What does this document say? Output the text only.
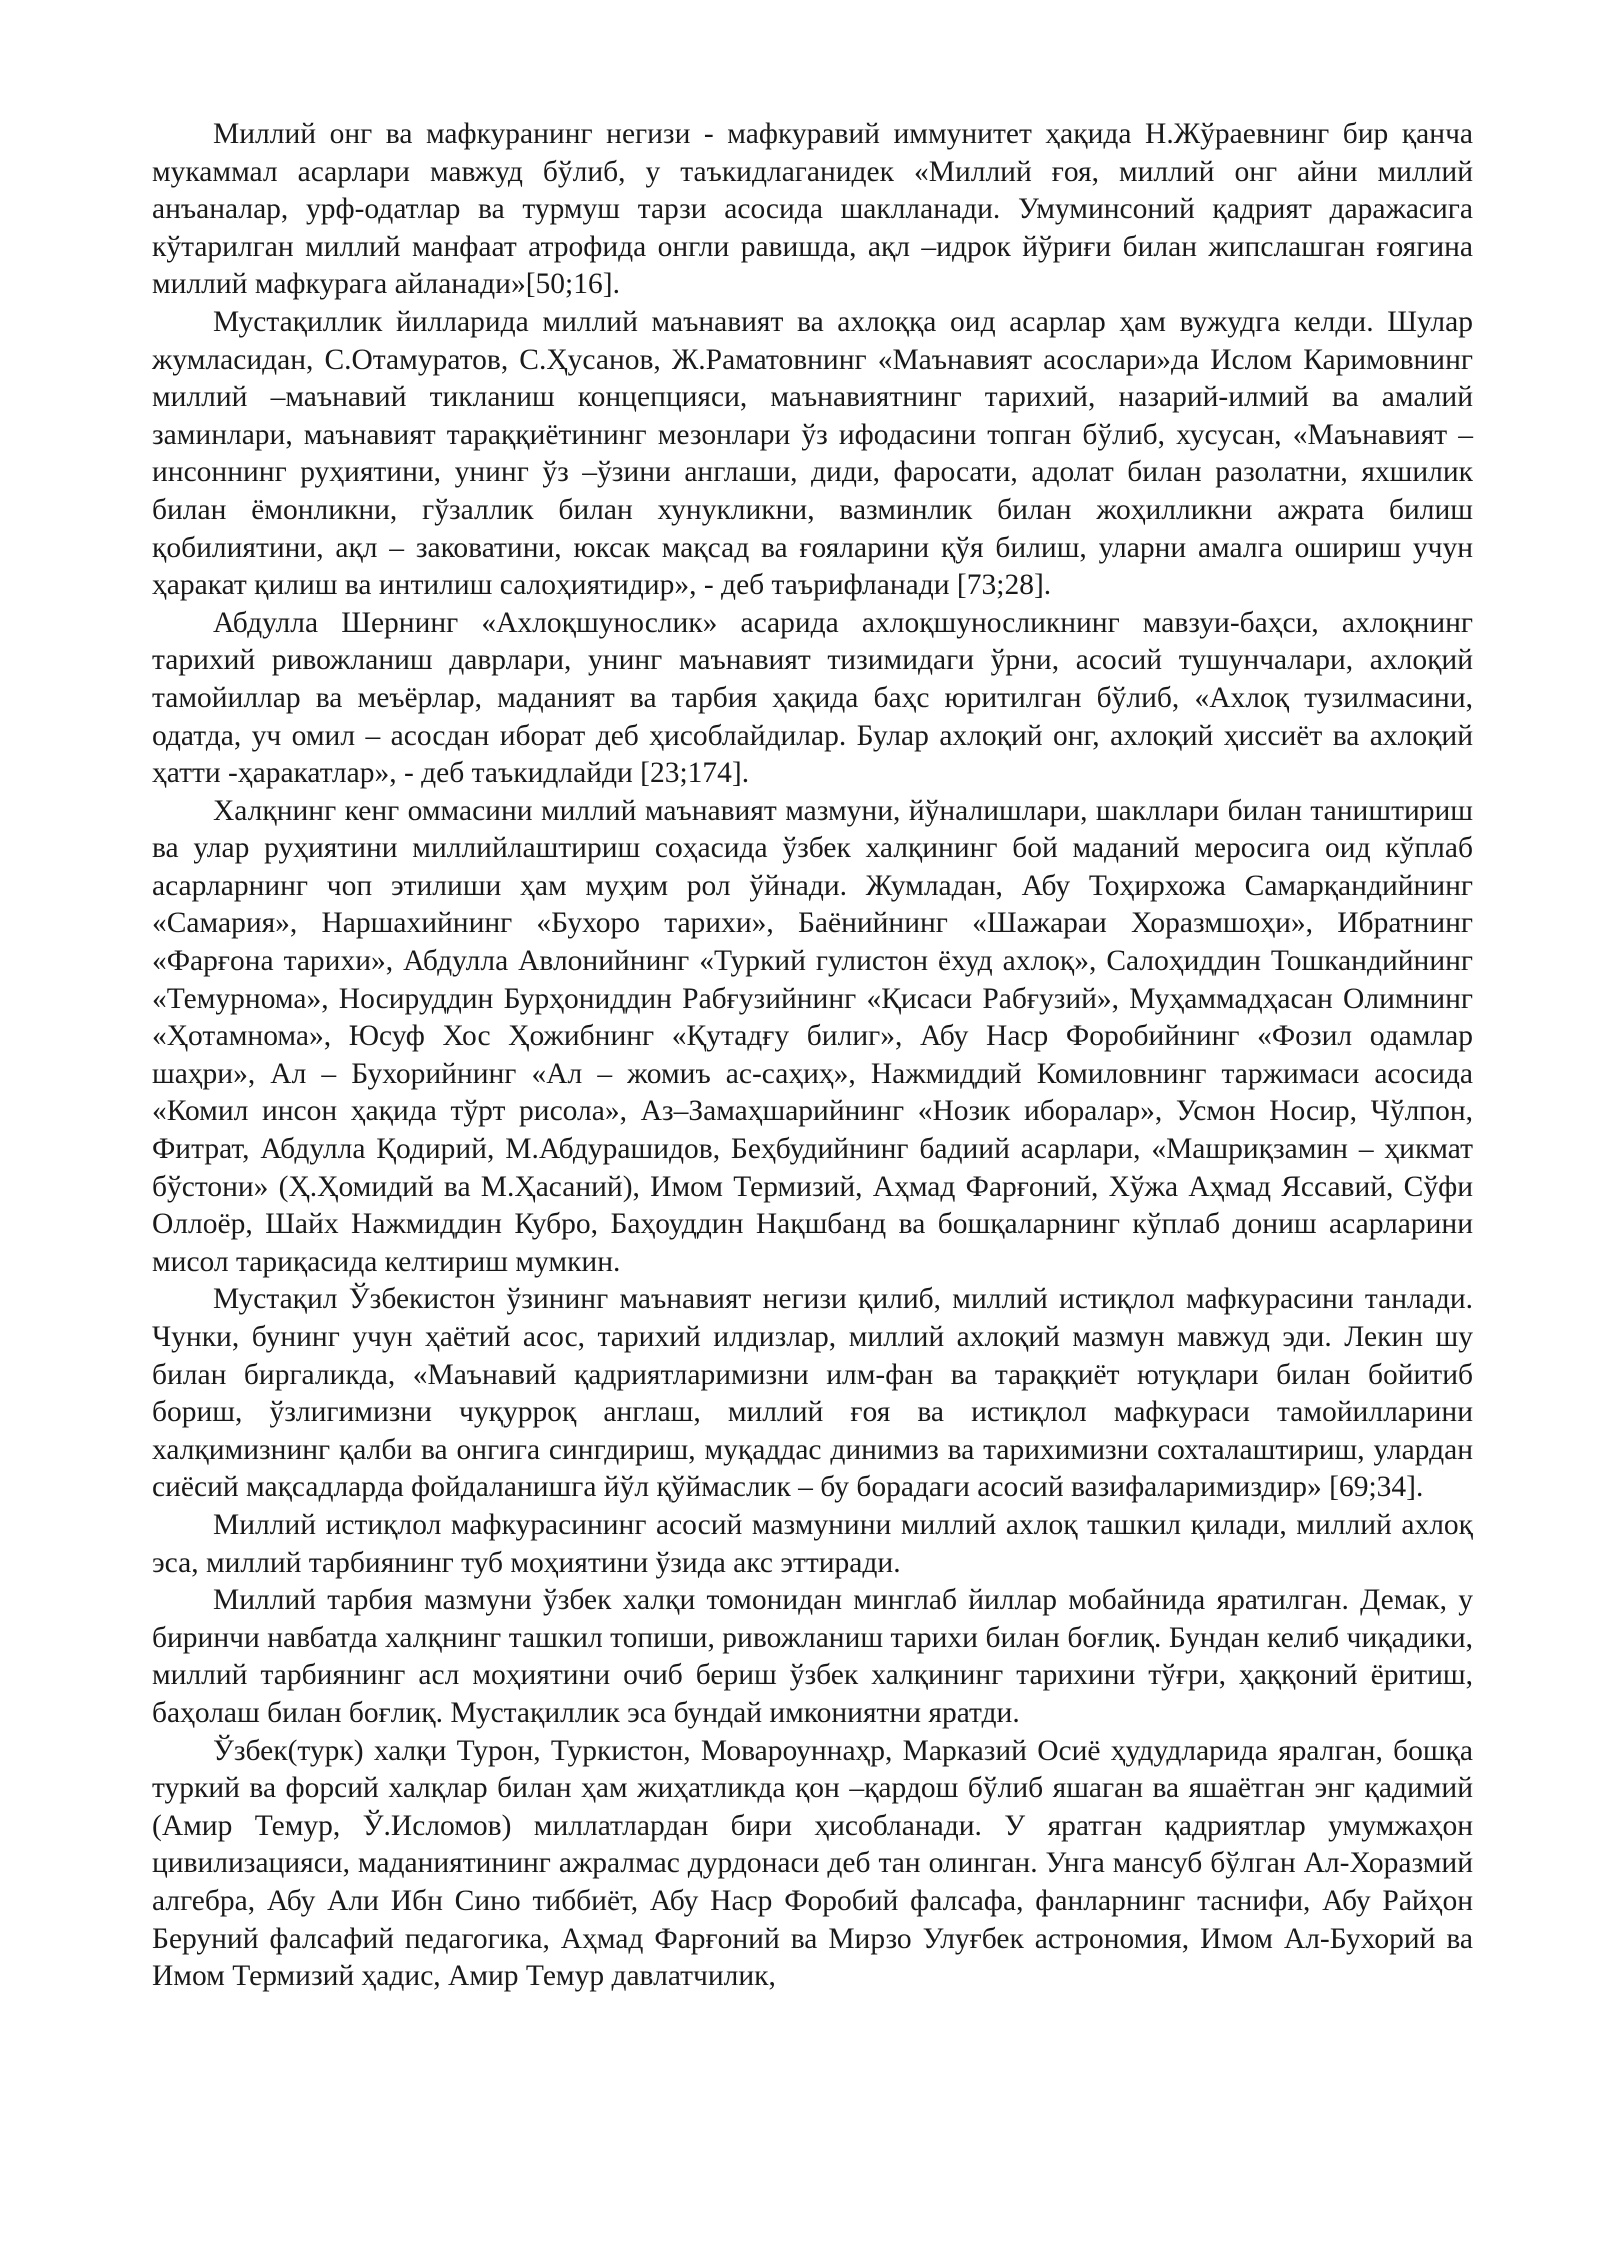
Миллий онг ва мафкуранинг негизи - мафкуравий иммунитет ҳақида Н.Жўраевнинг бир қанча мукаммал асарлари мавжуд бўлиб, у таъкидлаганидек «Миллий ғоя, миллий онг айни миллий анъаналар, урф-одатлар ва турмуш тарзи асосида шаклланади. Умуминсоний қадрият даражасига кўтарилган миллий манфаат атрофида онгли равишда, ақл –идрок йўриғи билан жипслашган ғоягина миллий мафкурага айланади»[50;16].

Мустақиллик йилларида миллий маънавият ва ахлоққа оид асарлар ҳам вужудга келди. Шулар жумласидан, С.Отамуратов, С.Ҳусанов, Ж.Раматовнинг «Маънавият асослари»да Ислом Каримовнинг миллий –маънавий тикланиш концепцияси, маънавиятнинг тарихий, назарий-илмий ва амалий заминлари, маънавият тараққиётининг мезонлари ўз ифодасини топган бўлиб, хусусан, «Маънавият – инсоннинг руҳиятини, унинг ўз –ўзини англаши, диди, фаросати, адолат билан разолатни, яхшилик билан ёмонликни, гўзаллик билан хунукликни, вазминлик билан жоҳилликни ажрата билиш қобилиятини, ақл – заковатини, юксак мақсад ва ғояларини қўя билиш, уларни амалга ошириш учун ҳаракат қилиш ва интилиш салоҳиятидир», - деб таърифланади [73;28].

Абдулла Шернинг «Ахлоқшунослик» асарида ахлоқшуносликнинг мавзуи-баҳси, ахлоқнинг тарихий ривожланиш даврлари, унинг маънавият тизимидаги ўрни, асосий тушунчалари, ахлоқий тамойиллар ва меъёрлар, маданият ва тарбия ҳақида баҳс юритилган бўлиб, «Ахлоқ тузилмасини, одатда, уч омил – асосдан иборат деб ҳисоблайдилар. Булар ахлоқий онг, ахлоқий ҳиссиёт ва ахлоқий ҳатти -ҳаракатлар», - деб таъкидлайди [23;174].

Халқнинг кенг оммасини миллий маънавият мазмуни, йўналишлари, шакллари билан таништириш ва улар руҳиятини миллийлаштириш соҳасида ўзбек халқининг бой маданий меросига оид кўплаб асарларнинг чоп этилиши ҳам муҳим рол ўйнади. Жумладан, Абу Тоҳирхожа Самарқандийнинг «Самария», Наршахийнинг «Бухоро тарихи», Баёнийнинг «Шажараи Хоразмшоҳи», Ибратнинг «Фарғона тарихи», Абдулла Авлонийнинг «Туркий гулистон ёхуд ахлоқ», Салоҳиддин Тошкандийнинг «Темурнома», Носируддин Бурҳониддин Рабғузийнинг «Қисаси Рабғузий», Муҳаммадҳасан Олимнинг «Ҳотамнома», Юсуф Хос Ҳожибнинг «Қутадғу билиг», Абу Наср Форобийнинг «Фозил одамлар шаҳри», Ал – Бухорийнинг «Ал – жомиъ ас-саҳиҳ», Нажмиддий Комиловнинг таржимаси асосида «Комил инсон ҳақида тўрт рисола», Аз–Замаҳшарийнинг «Нозик иборалар», Усмон Носир, Чўлпон, Фитрат, Абдулла Қодирий, М.Абдурашидов, Беҳбудийнинг бадиий асарлари, «Машриқзамин – ҳикмат бўстони» (Ҳ.Ҳомидий ва М.Ҳасаний), Имом Термизий, Аҳмад Фарғоний, Хўжа Аҳмад Яссавий, Сўфи Оллоёр, Шайх Нажмиддин Кубро, Баҳоуддин Нақшбанд ва бошқаларнинг кўплаб дониш асарларини мисол тариқасида келтириш мумкин.

Мустақил Ўзбекистон ўзининг маънавият негизи қилиб, миллий истиқлол мафкурасини танлади. Чунки, бунинг учун ҳаётий асос, тарихий илдизлар, миллий ахлоқий мазмун мавжуд эди. Лекин шу билан биргаликда, «Маънавий қадриятларимизни илм-фан ва тараққиёт ютуқлари билан бойитиб бориш, ўзлигимизни чуқурроқ англаш, миллий ғоя ва истиқлол мафкураси тамойилларини халқимизнинг қалби ва онгига сингдириш, муқаддас динимиз ва тарихимизни сохталаштириш, улардан сиёсий мақсадларда фойдаланишга йўл қўймаслик – бу борадаги асосий вазифаларимиздир» [69;34].

Миллий истиқлол мафкурасининг асосий мазмунини миллий ахлоқ ташкил қилади, миллий ахлоқ эса, миллий тарбиянинг туб моҳиятини ўзида акс эттиради.

Миллий тарбия мазмуни ўзбек халқи томонидан минглаб йиллар мобайнида яратилган. Демак, у биринчи навбатда халқнинг ташкил топиши, ривожланиш тарихи билан боғлиқ. Бундан келиб чиқадики, миллий тарбиянинг асл моҳиятини очиб бериш ўзбек халқининг тарихини тўғри, ҳаққоний ёритиш, баҳолаш билан боғлиқ. Мустақиллик эса бундай имкониятни яратди.

Ўзбек(турк) халқи Турон, Туркистон, Мовароуннаҳр, Марказий Осиё ҳудудларида яралган, бошқа туркий ва форсий халқлар билан ҳам жиҳатликда қон –қардош бўлиб яшаган ва яшаётган энг қадимий (Амир Темур, Ў.Исломов) миллатлардан бири ҳисобланади. У яратган қадриятлар умумжаҳон цивилизацияси, маданиятининг ажралмас дурдонаси деб тан олинган. Унга мансуб бўлган Ал-Хоразмий алгебра, Абу Али Ибн Сино тиббиёт, Абу Наср Форобий фалсафа, фанларнинг таснифи, Абу Райҳон Беруний фалсафий педагогика, Аҳмад Фарғоний ва Мирзо Улуғбек астрономия, Имом Ал-Бухорий ва Имом Термизий ҳадис, Амир Темур давлатчилик,
